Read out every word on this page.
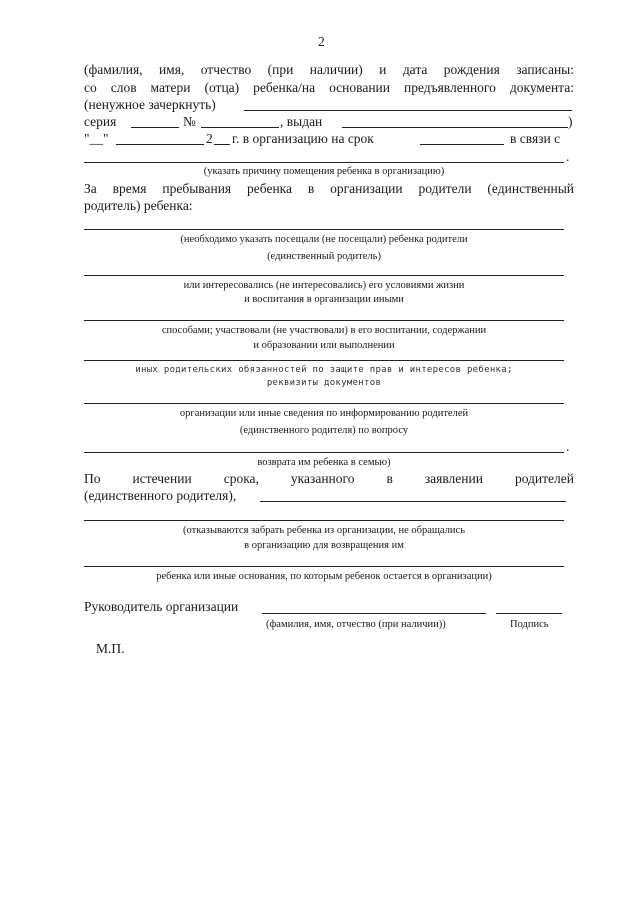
2
(фамилия, имя, отчество (при наличии) и дата рождения записаны:
со слов матери (отца) ребенка/на основании предъявленного документа:
(ненужное зачеркнуть)
серия	№	, выдан	)
"__"	2 г. в организацию на срок	в связи с
.
(указать причину помещения ребенка в организацию)
За время пребывания ребенка в организации родители (единственный
родитель) ребенка:
(необходимо указать посещали (не посещали) ребенка родители
(единственный родитель)
или интересовались (не интересовались) его условиями жизни
и воспитания в организации иными
способами; участвовали (не участвовали) в его воспитании, содержании
и образовании или выполнении
иных родительских обязанностей по защите прав и интересов ребенка;
реквизиты документов
организации или иные сведения по информированию родителей
(единственного родителя) по вопросу
.
возврата им ребенка в семью)
По истечении срока, указанного в заявлении родителей
(единственного родителя),
(отказываются забрать ребенка из организации, не обращались
в организацию для возвращения им
ребенка или иные основания, по которым ребенок остается в организации)
Руководитель организации
(фамилия, имя, отчество (при наличии))	Подпись
М.П.
